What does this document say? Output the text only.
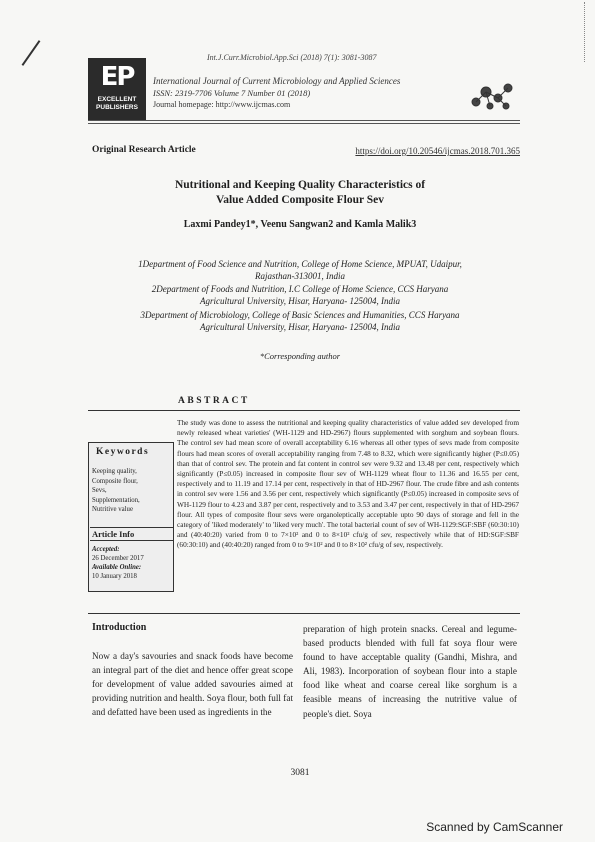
EP
EXCELLENT PUBLISHERS
Int.J.Curr.Microbiol.App.Sci (2018) 7(1): 3081-3087
International Journal of Current Microbiology and Applied Sciences
ISSN: 2319-7706 Volume 7 Number 01 (2018)
Journal homepage: http://www.ijcmas.com
Original Research Article	https://doi.org/10.20546/ijcmas.2018.701.365
Nutritional and Keeping Quality Characteristics of
Value Added Composite Flour Sev
Laxmi Pandey1*, Veenu Sangwan2 and Kamla Malik3
1Department of Food Science and Nutrition, College of Home Science, MPUAT, Udaipur,
Rajasthan-313001, India
2Department of Foods and Nutrition, I.C College of Home Science, CCS Haryana
Agricultural University, Hisar, Haryana- 125004, India
3Department of Microbiology, College of Basic Sciences and Humanities, CCS Haryana
Agricultural University, Hisar, Haryana- 125004, India
*Corresponding author
ABSTRACT
The study was done to assess the nutritional and keeping quality characteristics of value added sev developed from newly released wheat varieties' (WH-1129 and HD-2967) flours supplemented with sorghum and soybean flours. The control sev had mean score of overall acceptability 6.16 whereas all other types of sevs made from composite flours had mean scores of overall acceptability ranging from 7.48 to 8.32, which were significantly higher (P≤0.05) than that of control sev. The protein and fat content in control sev were 9.32 and 13.48 per cent, respectively which significantly (P≤0.05) increased in composite flour sev of WH-1129 wheat flour to 11.36 and 16.55 per cent, respectively and to 11.19 and 17.14 per cent, respectively in that of HD-2967 flour. The crude fibre and ash contents in control sev were 1.56 and 3.56 per cent, respectively which significantly (P≤0.05) increased in composite sevs of WH-1129 flour to 4.23 and 3.87 per cent, respectively and to 3.53 and 3.47 per cent, respectively in that of HD-2967 flour. All types of composite flour sevs were organoleptically acceptable upto 90 days of storage and fell in the category of 'liked moderately' to 'liked very much'. The total bacterial count of sev of WH-1129:SGF:SBF (60:30:10) and (40:40:20) varied from 0 to 7×10² and 0 to 8×10² cfu/g of sev, respectively while that of HD:SGF:SBF (60:30:10) and (40:40:20) ranged from 0 to 9×10² and 0 to 8×10² cfu/g of sev, respectively.
Keywords
Keeping quality,
Composite flour,
Sevs,
Supplementation,
Nutritive value
Article Info
Accepted:
26 December 2017
Available Online:
10 January 2018
Introduction
Now a day's savouries and snack foods have become an integral part of the diet and hence offer great scope for development of value added savouries aimed at providing nutrition and health. Soya flour, both full fat and defatted have been used as ingredients in the
preparation of high protein snacks. Cereal and legume-based products blended with full fat soya flour were found to have acceptable quality (Gandhi, Mishra, and Ali, 1983). Incorporation of soybean flour into a staple food like wheat and coarse cereal like sorghum is a feasible means of increasing the nutritive value of people's diet. Soya
3081
Scanned by CamScanner
